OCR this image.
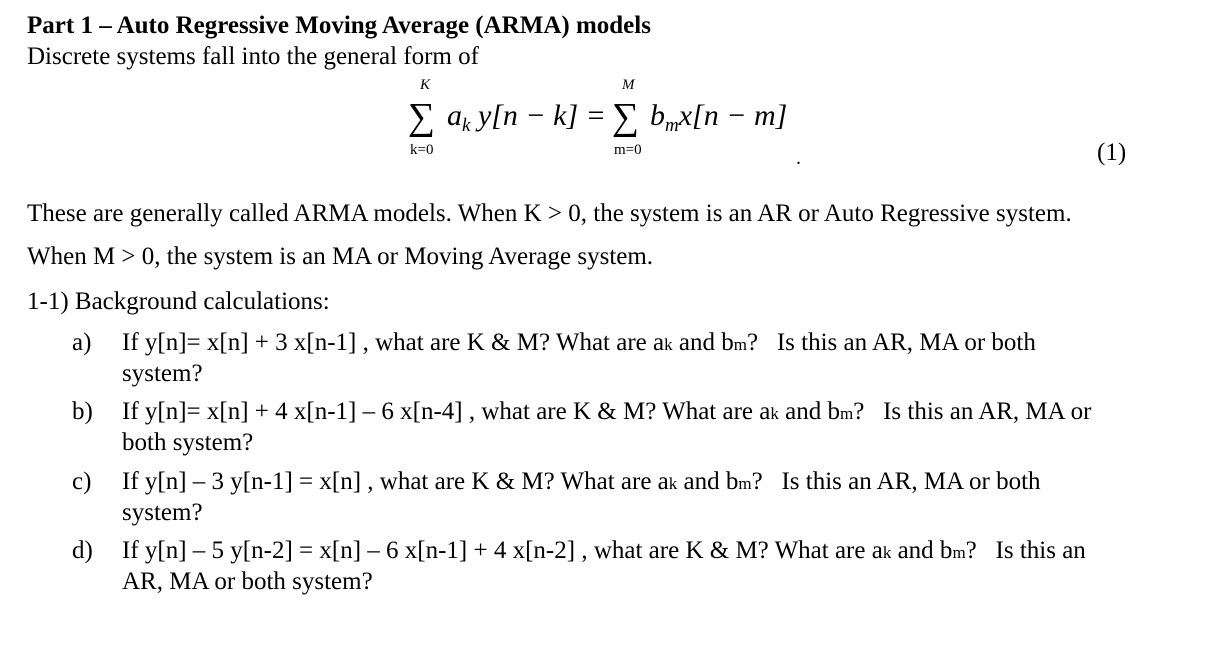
Part 1 – Auto Regressive Moving Average (ARMA) models
Discrete systems fall into the general form of
K
∑
k=0
$a_k$ y[n − k] =
M
∑
m=0
$b_mx[n - m]$
.	(1)
These are generally called ARMA models. When K > 0, the system is an AR or Auto Regressive system.
When M > 0, the system is an MA or Moving Average system.
1-1) Background calculations:
a) If y[n]= x[n] + 3 x[n-1] , what are K & M? What are ak and bm? Is this an AR, MA or both
system?
b) If y[n]= x[n] + 4 x[n-1] – 6 x[n-4] , what are K & M? What are ak and bm? Is this an AR, MA or
both system?
c) If y[n] – 3 y[n-1] = x[n] , what are K & M? What are ak and bm? Is this an AR, MA or both
system?
d) If y[n] – 5 y[n-2] = x[n] – 6 x[n-1] + 4 x[n-2] , what are K & M? What are ak and bm? Is this an
AR, MA or both system?
